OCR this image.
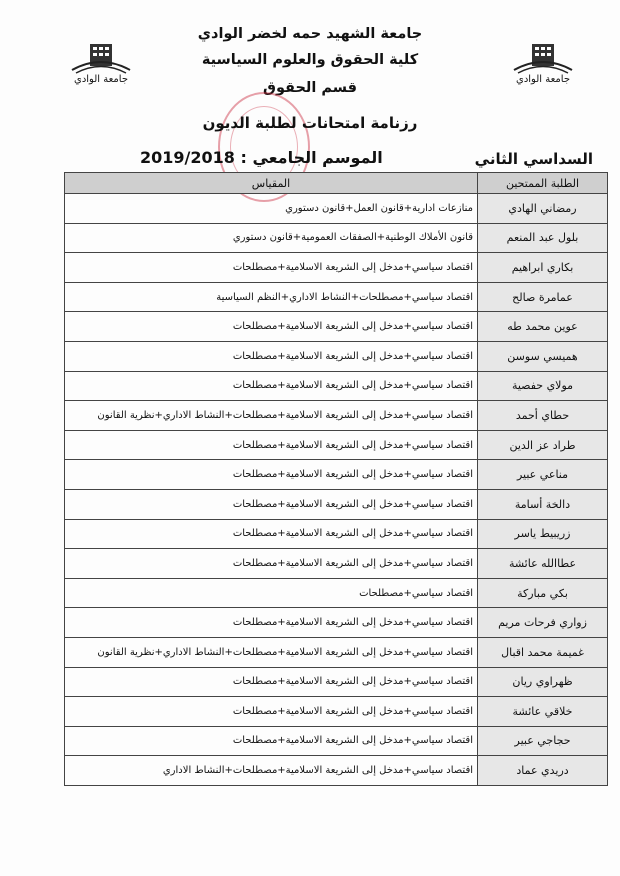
جامعة الوادي	جامعة الوادي
جامعة الشهيد حمه لخضر الوادي
كلية الحقوق والعلوم السياسية
قسم الحقوق
رزنامة امتحانات لطلبة الديون
الموسم الجامعي : 2019/2018	السداسي الثاني
الطلبة الممتحين	المقياس
رمضاني الهادي	منازعات ادارية+قانون العمل+قانون دستوري
بلول عبد المنعم	قانون الأملاك الوطنية+الصفقات العمومية+قانون دستوري
بكاري ابراهيم	اقتصاد سياسي+مدخل إلى الشريعة الاسلامية+مصطلحات
عمامرة صالح	اقتصاد سياسي+مصطلحات+النشاط الاداري+النظم السياسية
عوين محمد طه	اقتصاد سياسي+مدخل إلى الشريعة الاسلامية+مصطلحات
هميسي سوسن	اقتصاد سياسي+مدخل إلى الشريعة الاسلامية+مصطلحات
مولاي حفصية	اقتصاد سياسي+مدخل إلى الشريعة الاسلامية+مصطلحات
حطاي أحمد	اقتصاد سياسي+مدخل إلى الشريعة الاسلامية+مصطلحات+النشاط الاداري+نظرية القانون
طراد عز الدين	اقتصاد سياسي+مدخل إلى الشريعة الاسلامية+مصطلحات
مناعي عبير	اقتصاد سياسي+مدخل إلى الشريعة الاسلامية+مصطلحات
دالخة أسامة	اقتصاد سياسي+مدخل إلى الشريعة الاسلامية+مصطلحات
زريبيط ياسر	اقتصاد سياسي+مدخل إلى الشريعة الاسلامية+مصطلحات
عطاالله عائشة	اقتصاد سياسي+مدخل إلى الشريعة الاسلامية+مصطلحات
بكي مباركة	اقتصاد سياسي+مصطلحات
زواري فرحات مريم	اقتصاد سياسي+مدخل إلى الشريعة الاسلامية+مصطلحات
غميمة محمد اقبال	اقتصاد سياسي+مدخل إلى الشريعة الاسلامية+مصطلحات+النشاط الاداري+نظرية القانون
ظهراوي ريان	اقتصاد سياسي+مدخل إلى الشريعة الاسلامية+مصطلحات
خلاقي عائشة	اقتصاد سياسي+مدخل إلى الشريعة الاسلامية+مصطلحات
حجاجي عبير	اقتصاد سياسي+مدخل إلى الشريعة الاسلامية+مصطلحات
دريدي عماد	اقتصاد سياسي+مدخل إلى الشريعة الاسلامية+مصطلحات+النشاط الاداري
